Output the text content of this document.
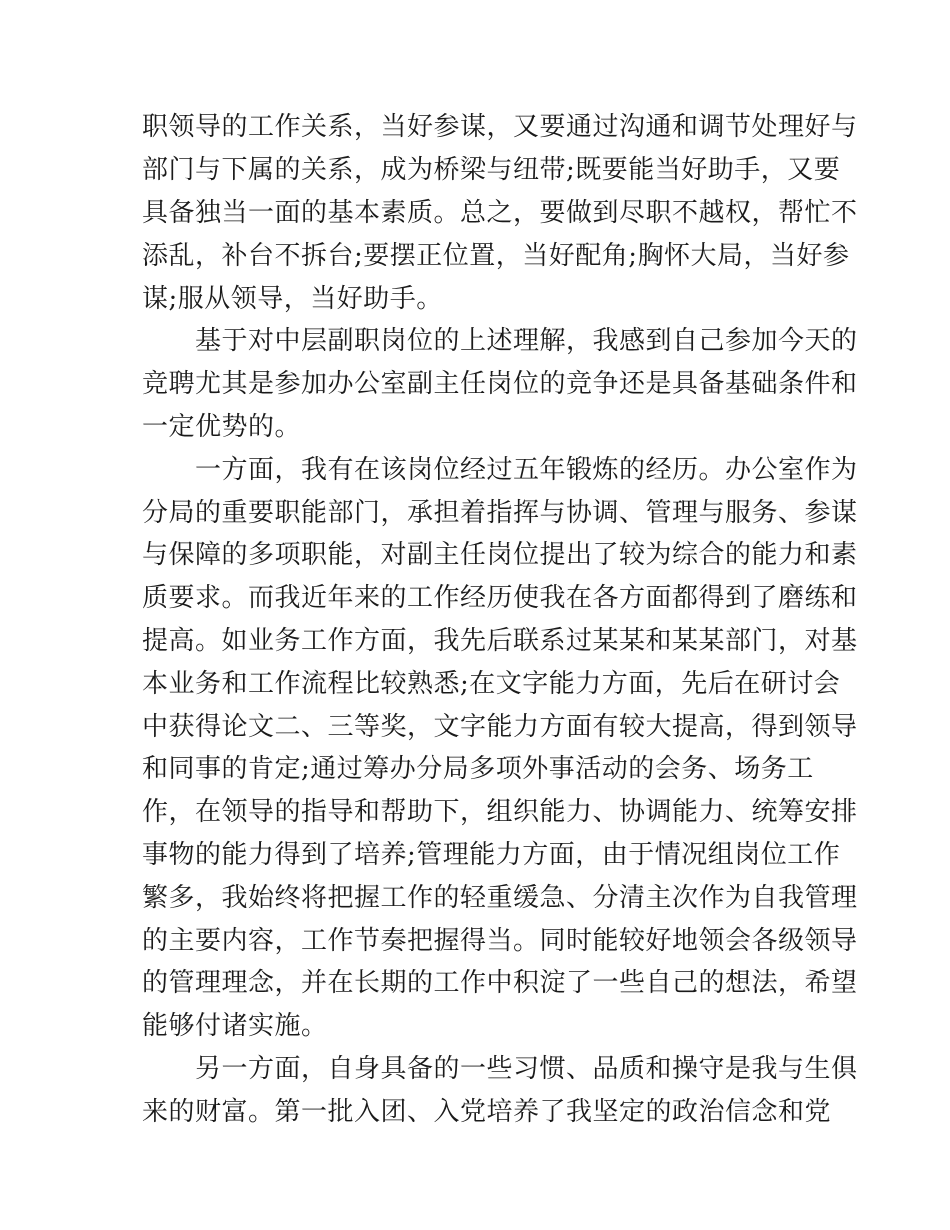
职领导的工作关系，当好参谋，又要通过沟通和调节处理好与
部门与下属的关系，成为桥梁与纽带;既要能当好助手，又要
具备独当一面的基本素质。总之，要做到尽职不越权，帮忙不
添乱，补台不拆台;要摆正位置，当好配角;胸怀大局，当好参
谋;服从领导，当好助手。
　　基于对中层副职岗位的上述理解，我感到自己参加今天的
竞聘尤其是参加办公室副主任岗位的竞争还是具备基础条件和
一定优势的。
　　一方面，我有在该岗位经过五年锻炼的经历。办公室作为
分局的重要职能部门，承担着指挥与协调、管理与服务、参谋
与保障的多项职能，对副主任岗位提出了较为综合的能力和素
质要求。而我近年来的工作经历使我在各方面都得到了磨练和
提高。如业务工作方面，我先后联系过某某和某某部门，对基
本业务和工作流程比较熟悉;在文字能力方面，先后在研讨会
中获得论文二、三等奖，文字能力方面有较大提高，得到领导
和同事的肯定;通过筹办分局多项外事活动的会务、场务工
作，在领导的指导和帮助下，组织能力、协调能力、统筹安排
事物的能力得到了培养;管理能力方面，由于情况组岗位工作
繁多，我始终将把握工作的轻重缓急、分清主次作为自我管理
的主要内容，工作节奏把握得当。同时能较好地领会各级领导
的管理理念，并在长期的工作中积淀了一些自己的想法，希望
能够付诸实施。
　　另一方面，自身具备的一些习惯、品质和操守是我与生俱
来的财富。第一批入团、入党培养了我坚定的政治信念和党
